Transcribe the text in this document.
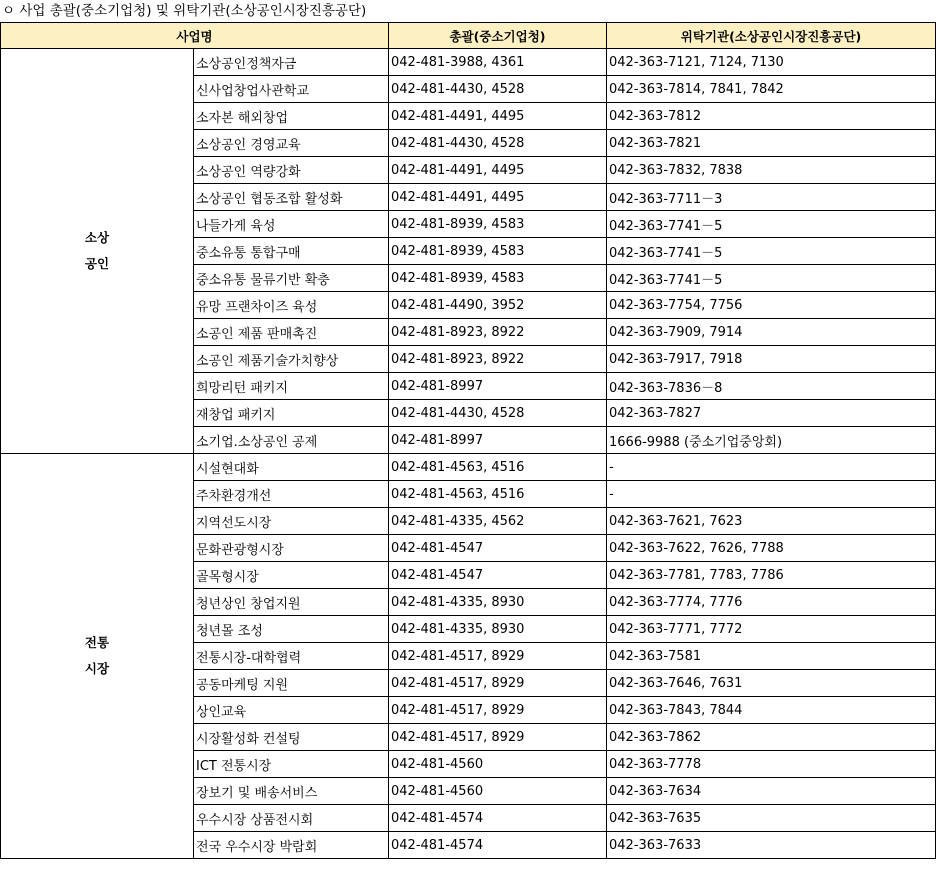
ㅇ 사업 총괄(중소기업청) 및 위탁기관(소상공인시장진흥공단)
사업명		총괄(중소기업청)	위탁기관(소상공인시장진흥공단)

소상
공인	소상공인정책자금	042-481-3988, 4361	042-363-7121, 7124, 7130
	신사업창업사관학교	042-481-4430, 4528	042-363-7814, 7841, 7842
	소자본 해외창업	042-481-4491, 4495	042-363-7812
	소상공인 경영교육	042-481-4430, 4528	042-363-7821
	소상공인 역량강화	042-481-4491, 4495	042-363-7832, 7838
	소상공인 협동조합 활성화	042-481-4491, 4495	042-363-7711－3
	나들가게 육성	042-481-8939, 4583	042-363-7741－5
	중소유통 통합구매	042-481-8939, 4583	042-363-7741－5
	중소유통 물류기반 확충	042-481-8939, 4583	042-363-7741－5
	유망 프랜차이즈 육성	042-481-4490, 3952	042-363-7754, 7756
	소공인 제품 판매촉진	042-481-8923, 8922	042-363-7909, 7914
	소공인 제품기술가치향상	042-481-8923, 8922	042-363-7917, 7918
	희망리턴 패키지	042-481-8997	042-363-7836－8
	재창업 패키지	042-481-4430, 4528	042-363-7827
	소기업.소상공인 공제	042-481-8997	1666-9988 (중소기업중앙회)

전통
시장	시설현대화	042-481-4563, 4516	-
	주차환경개선	042-481-4563, 4516	-
	지역선도시장	042-481-4335, 4562	042-363-7621, 7623
	문화관광형시장	042-481-4547	042-363-7622, 7626, 7788
	골목형시장	042-481-4547	042-363-7781, 7783, 7786
	청년상인 창업지원	042-481-4335, 8930	042-363-7774, 7776
	청년몰 조성	042-481-4335, 8930	042-363-7771, 7772
	전통시장-대학협력	042-481-4517, 8929	042-363-7581
	공동마케팅 지원	042-481-4517, 8929	042-363-7646, 7631
	상인교육	042-481-4517, 8929	042-363-7843, 7844
	시장활성화 컨설팅	042-481-4517, 8929	042-363-7862
	ICT 전통시장	042-481-4560	042-363-7778
	장보기 및 배송서비스	042-481-4560	042-363-7634
	우수시장 상품전시회	042-481-4574	042-363-7635
	전국 우수시장 박람회	042-481-4574	042-363-7633
